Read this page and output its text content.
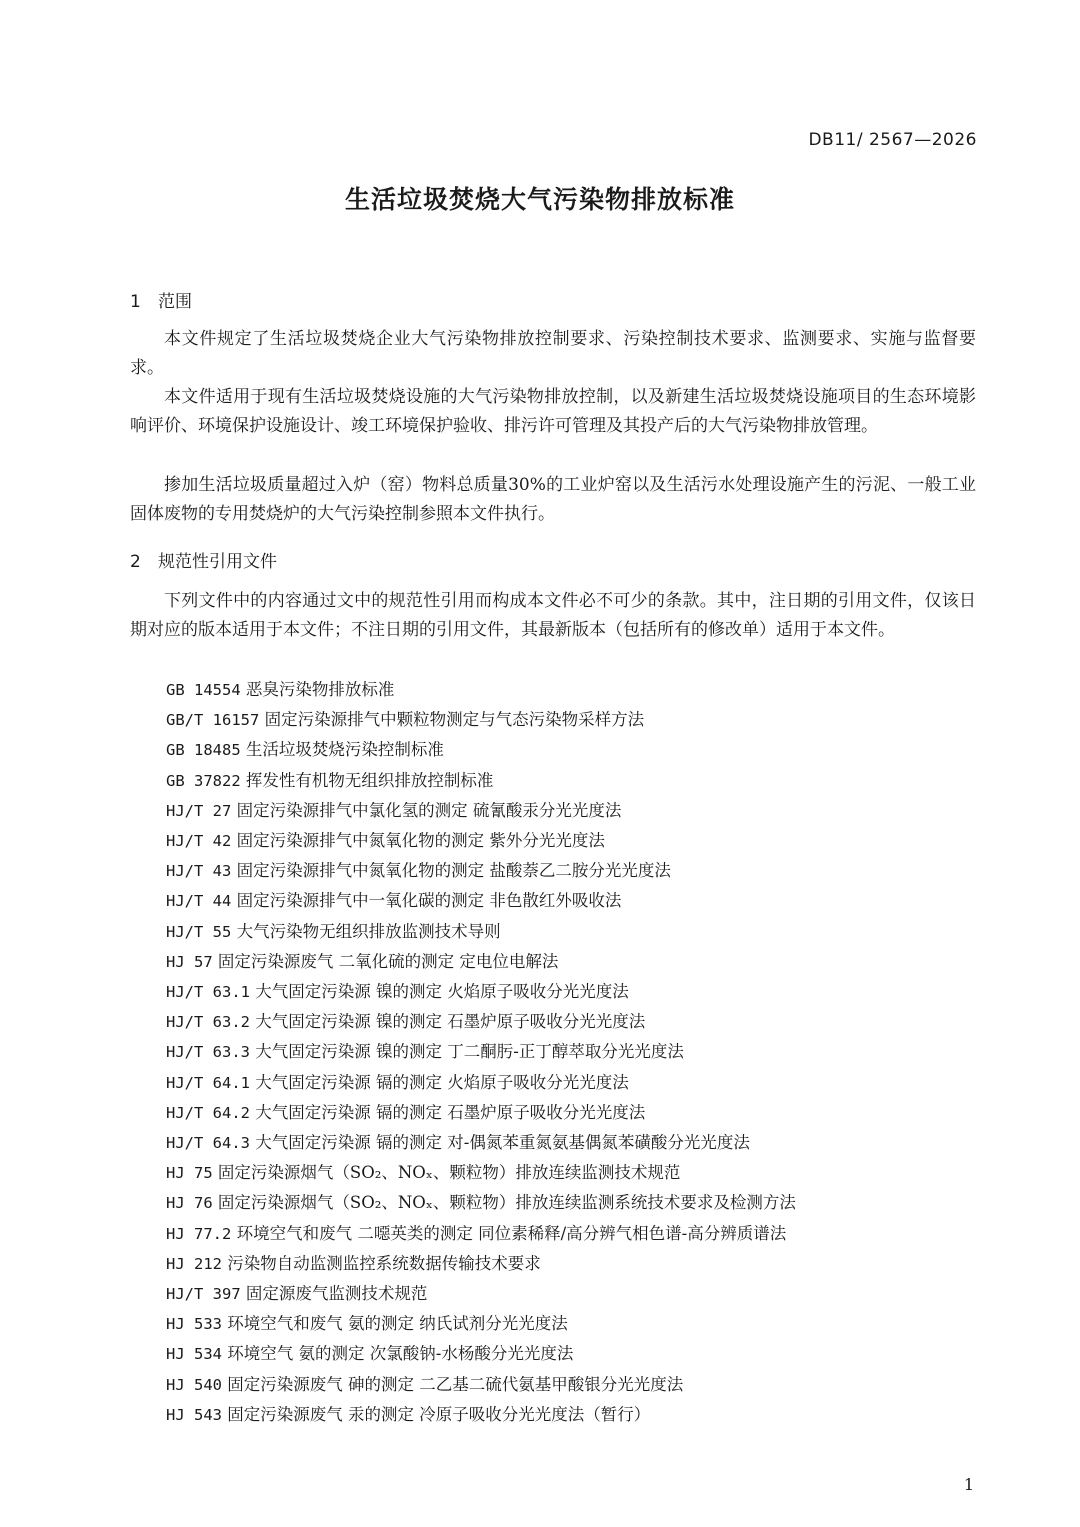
DB11/ 2567—2026
生活垃圾焚烧大气污染物排放标准
1 范围
本文件规定了生活垃圾焚烧企业大气污染物排放控制要求、污染控制技术要求、监测要求、实施与监督要求。
本文件适用于现有生活垃圾焚烧设施的大气污染物排放控制，以及新建生活垃圾焚烧设施项目的生态环境影响评价、环境保护设施设计、竣工环境保护验收、排污许可管理及其投产后的大气污染物排放管理。
掺加生活垃圾质量超过入炉（窑）物料总质量30%的工业炉窑以及生活污水处理设施产生的污泥、一般工业固体废物的专用焚烧炉的大气污染控制参照本文件执行。
2 规范性引用文件
下列文件中的内容通过文中的规范性引用而构成本文件必不可少的条款。其中，注日期的引用文件，仅该日期对应的版本适用于本文件；不注日期的引用文件，其最新版本（包括所有的修改单）适用于本文件。
GB 14554 恶臭污染物排放标准
GB/T 16157 固定污染源排气中颗粒物测定与气态污染物采样方法
GB 18485 生活垃圾焚烧污染控制标准
GB 37822 挥发性有机物无组织排放控制标准
HJ/T 27 固定污染源排气中氯化氢的测定 硫氰酸汞分光光度法
HJ/T 42 固定污染源排气中氮氧化物的测定 紫外分光光度法
HJ/T 43 固定污染源排气中氮氧化物的测定 盐酸萘乙二胺分光光度法
HJ/T 44 固定污染源排气中一氧化碳的测定 非色散红外吸收法
HJ/T 55 大气污染物无组织排放监测技术导则
HJ 57 固定污染源废气 二氧化硫的测定 定电位电解法
HJ/T 63.1 大气固定污染源 镍的测定 火焰原子吸收分光光度法
HJ/T 63.2 大气固定污染源 镍的测定 石墨炉原子吸收分光光度法
HJ/T 63.3 大气固定污染源 镍的测定 丁二酮肟-正丁醇萃取分光光度法
HJ/T 64.1 大气固定污染源 镉的测定 火焰原子吸收分光光度法
HJ/T 64.2 大气固定污染源 镉的测定 石墨炉原子吸收分光光度法
HJ/T 64.3 大气固定污染源 镉的测定 对-偶氮苯重氮氨基偶氮苯磺酸分光光度法
HJ 75 固定污染源烟气（SO₂、NOₓ、颗粒物）排放连续监测技术规范
HJ 76 固定污染源烟气（SO₂、NOₓ、颗粒物）排放连续监测系统技术要求及检测方法
HJ 77.2 环境空气和废气 二噁英类的测定 同位素稀释/高分辨气相色谱-高分辨质谱法
HJ 212 污染物自动监测监控系统数据传输技术要求
HJ/T 397 固定源废气监测技术规范
HJ 533 环境空气和废气 氨的测定 纳氏试剂分光光度法
HJ 534 环境空气 氨的测定 次氯酸钠-水杨酸分光光度法
HJ 540 固定污染源废气 砷的测定 二乙基二硫代氨基甲酸银分光光度法
HJ 543 固定污染源废气 汞的测定 冷原子吸收分光光度法（暂行）
1
